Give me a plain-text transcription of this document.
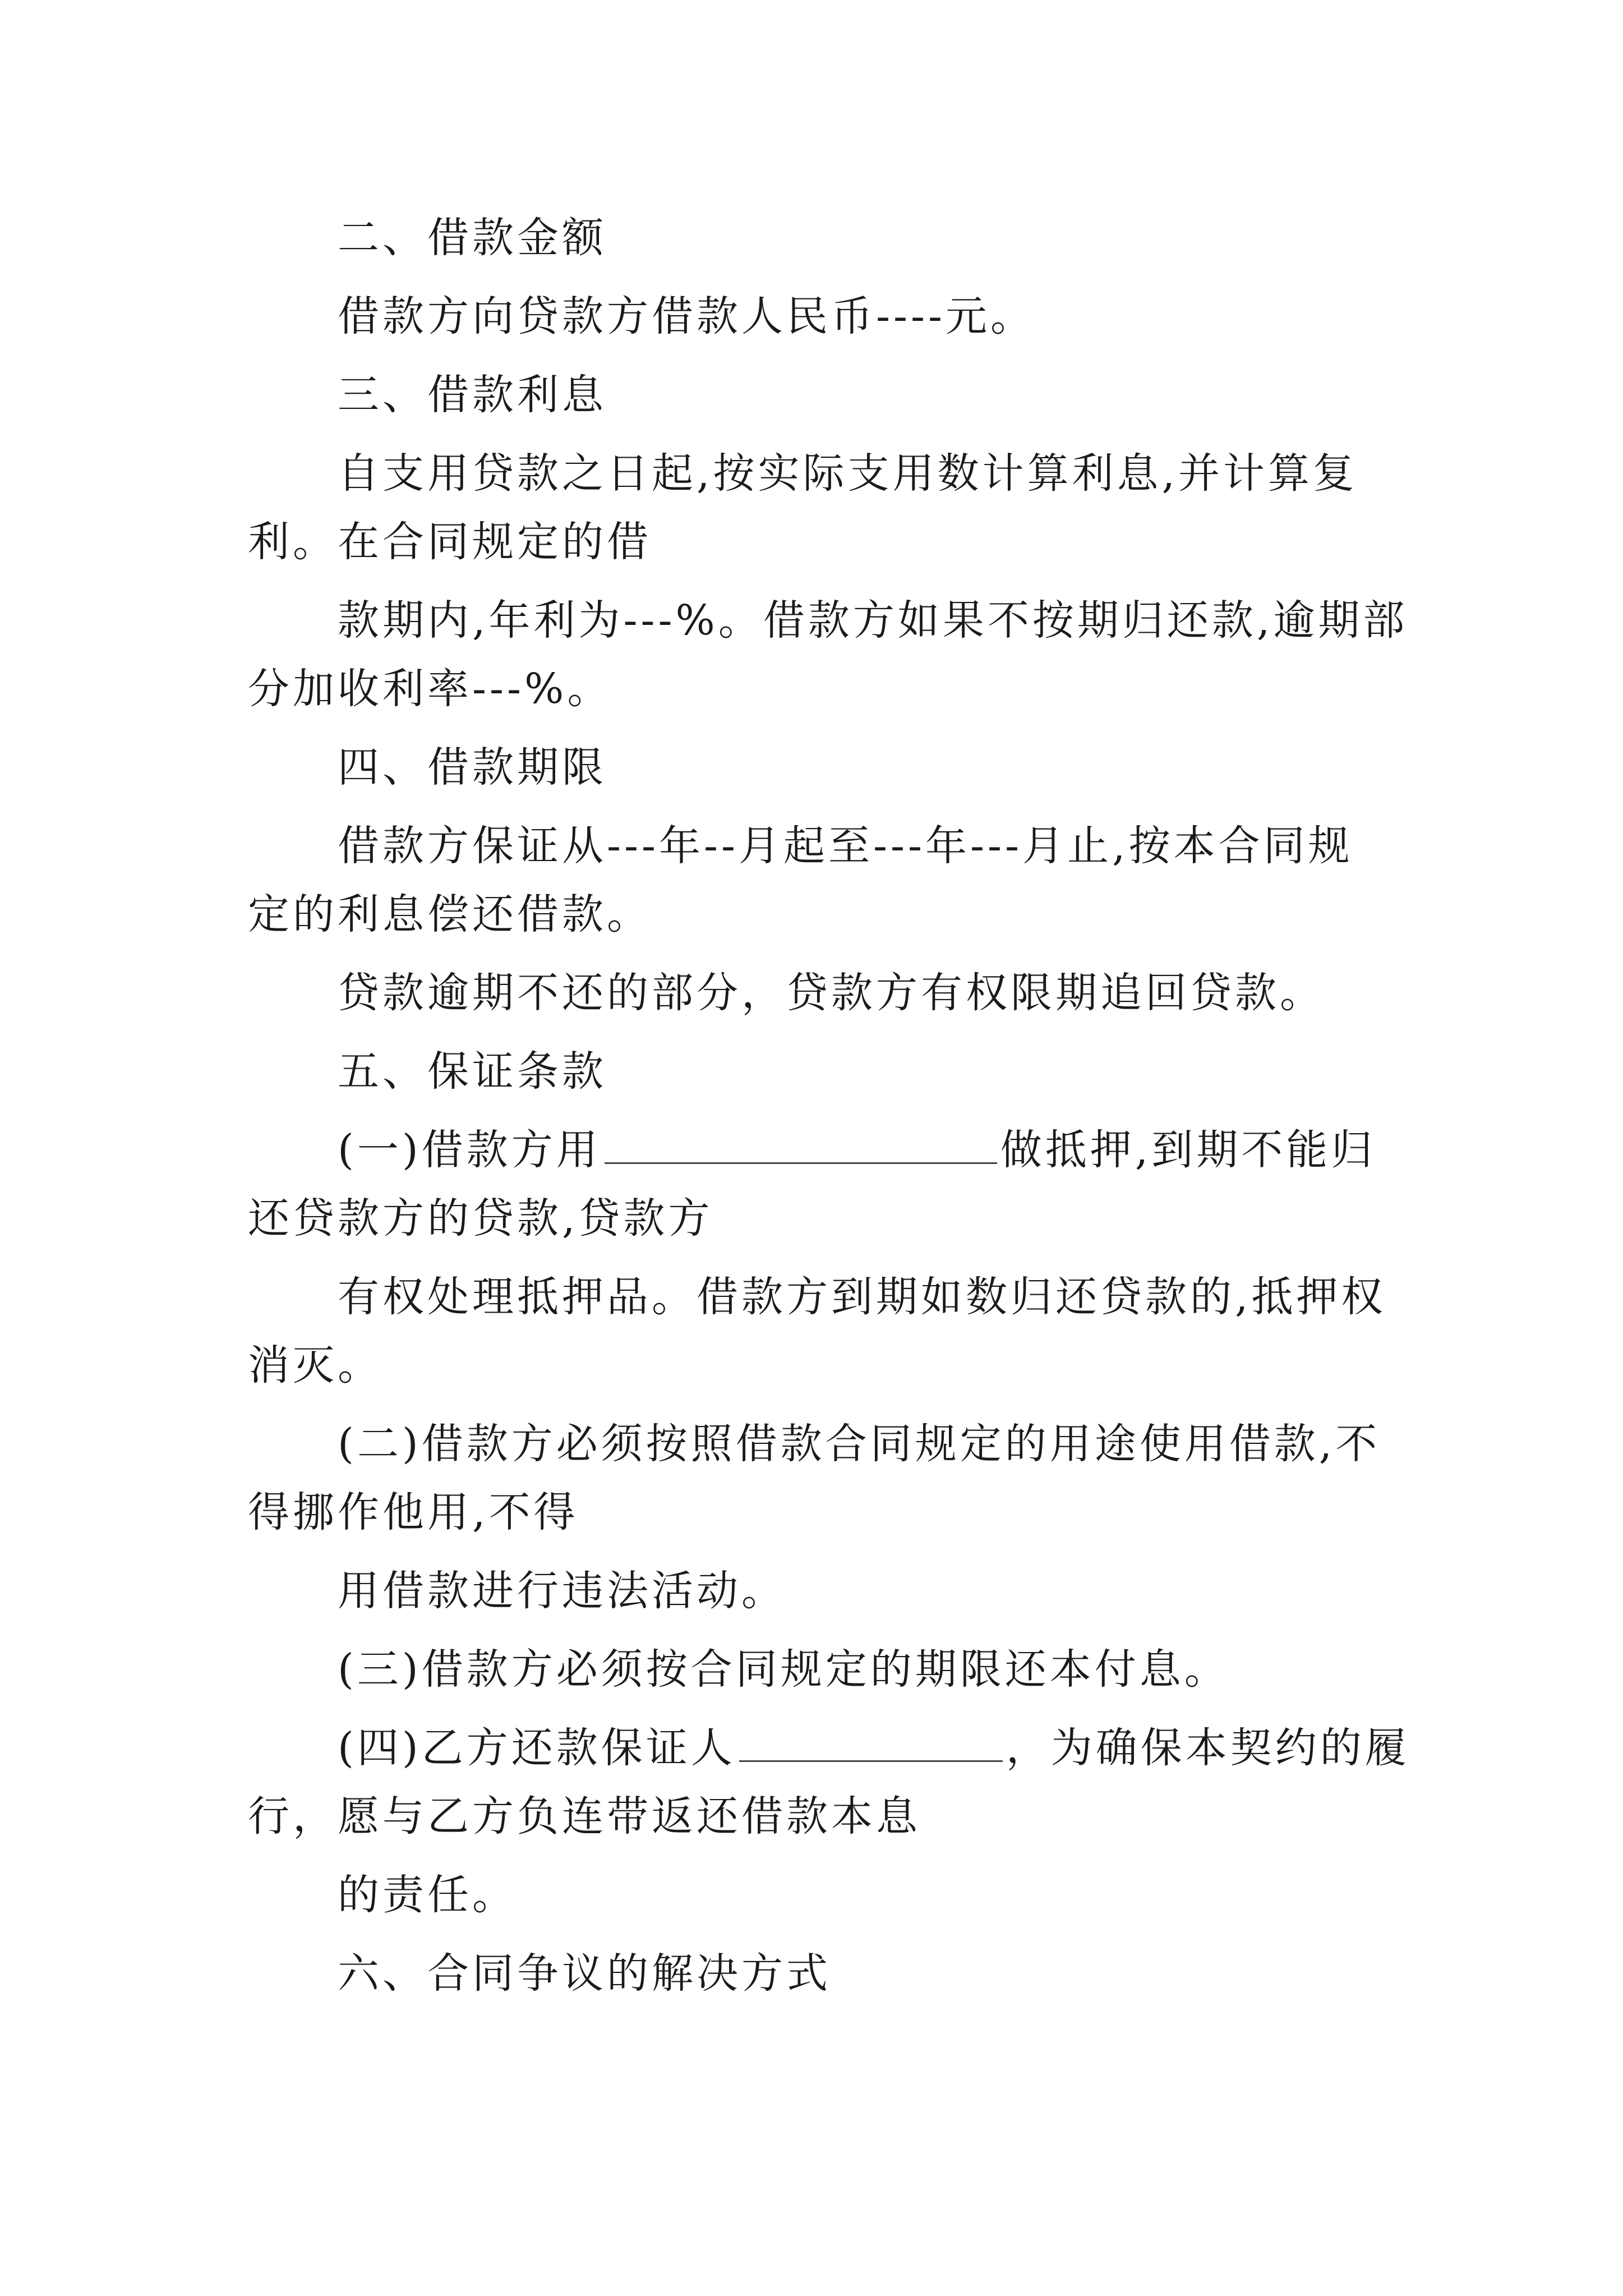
二、借款金额
借款方向贷款方借款人民币----元。
三、借款利息
自支用贷款之日起,按实际支用数计算利息,并计算复
利。在合同规定的借
款期内,年利为---%。借款方如果不按期归还款,逾期部
分加收利率---%。
四、借款期限
借款方保证从---年--月起至---年---月止,按本合同规
定的利息偿还借款。
贷款逾期不还的部分，贷款方有权限期追回贷款。
五、保证条款
(一)借款方用	做抵押,到期不能归
还贷款方的贷款,贷款方
有权处理抵押品。借款方到期如数归还贷款的,抵押权
消灭。
(二)借款方必须按照借款合同规定的用途使用借款,不
得挪作他用,不得
用借款进行违法活动。
(三)借款方必须按合同规定的期限还本付息。
(四)乙方还款保证人	，为确保本契约的履
行，愿与乙方负连带返还借款本息
的责任。
六、合同争议的解决方式
